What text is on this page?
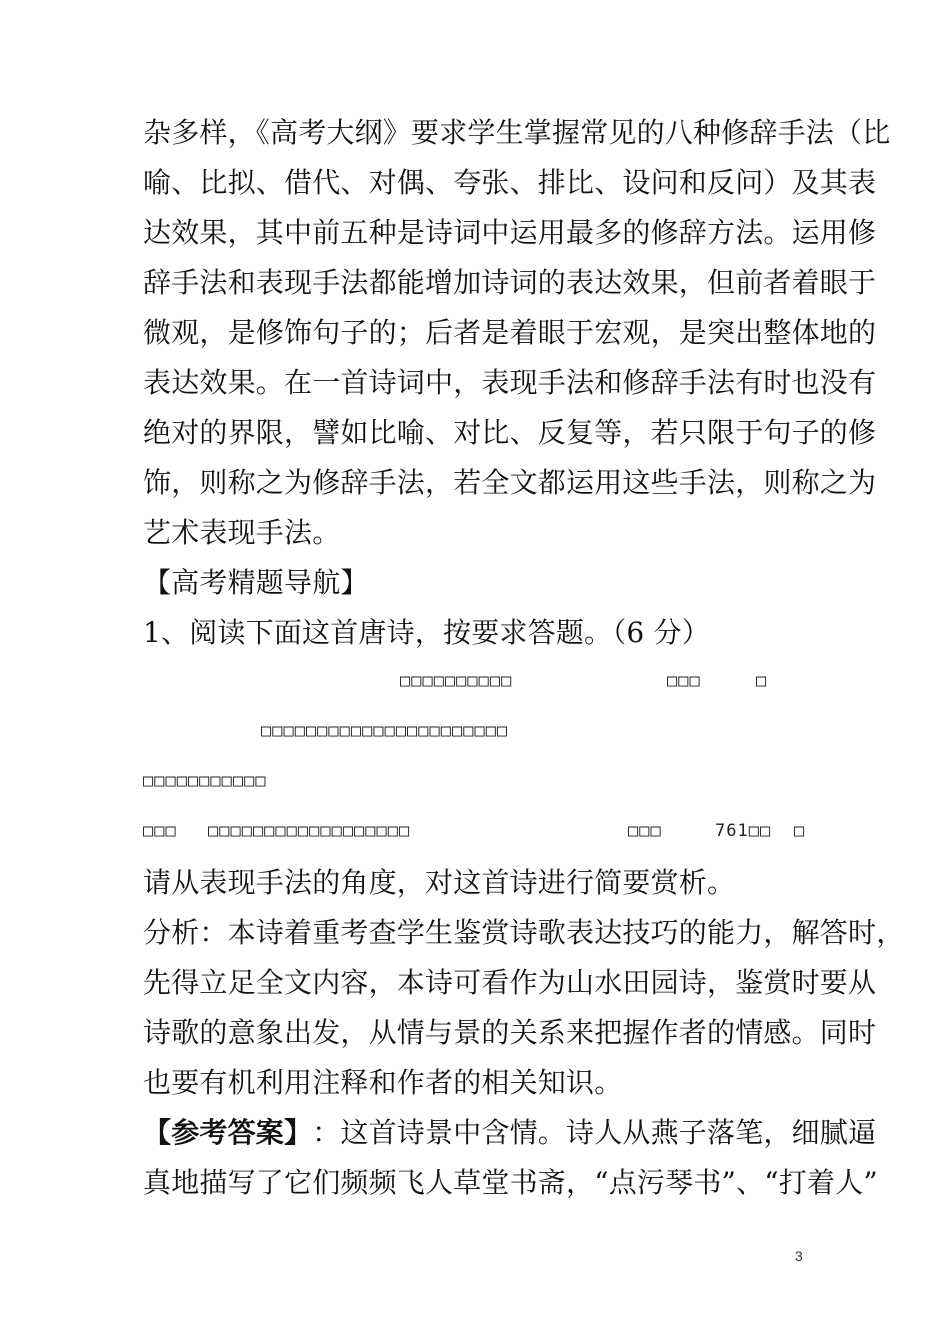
杂多样，《高考大纲》要求学生掌握常见的八种修辞手法（比
喻、比拟、借代、对偶、夸张、排比、设问和反问）及其表
达效果，其中前五种是诗词中运用最多的修辞方法。运用修
辞手法和表现手法都能增加诗词的表达效果，但前者着眼于
微观，是修饰句子的；后者是着眼于宏观，是突出整体地的
表达效果。在一首诗词中，表现手法和修辞手法有时也没有
绝对的界限，譬如比喻、对比、反复等，若只限于句子的修
饰，则称之为修辞手法，若全文都运用这些手法，则称之为
艺术表现手法。
【高考精题导航】
1、阅读下面这首唐诗，按要求答题。（6 分）
□□□□□□□□□□	□□□	□
□□□□□□□□□□□□□□□□□□□□□□
□□□□□□□□□□□
□□□ □□□□□□□□□□□□□□□□□□	□□□	761□□ □
请从表现手法的角度，对这首诗进行简要赏析。
分析：本诗着重考查学生鉴赏诗歌表达技巧的能力，解答时，
先得立足全文内容，本诗可看作为山水田园诗，鉴赏时要从
诗歌的意象出发，从情与景的关系来把握作者的情感。同时
也要有机利用注释和作者的相关知识。
【参考答案】 ：这首诗景中含情。诗人从燕子落笔，细腻逼
真地描写了它们频频飞人草堂书斋，“点污琴书”、“打着人”
3
